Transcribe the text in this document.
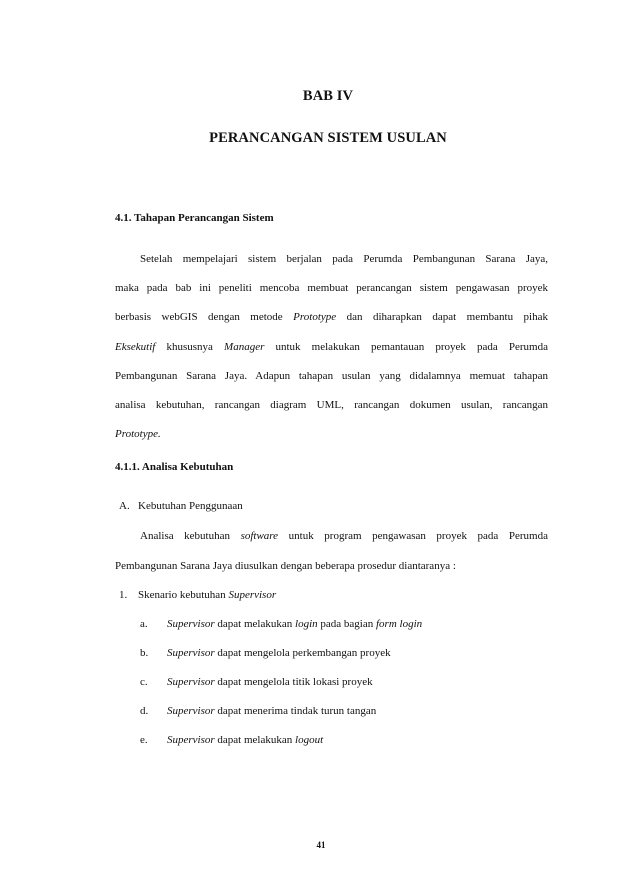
BAB IV
PERANCANGAN SISTEM USULAN
4.1. Tahapan Perancangan Sistem
Setelah mempelajari sistem berjalan pada Perumda Pembangunan Sarana Jaya,
maka pada bab ini peneliti mencoba membuat perancangan sistem pengawasan proyek
berbasis webGIS dengan metode Prototype dan diharapkan dapat membantu pihak
Eksekutif khususnya Manager untuk melakukan pemantauan proyek pada Perumda
Pembangunan Sarana Jaya. Adapun tahapan usulan yang didalamnya memuat tahapan
analisa kebutuhan, rancangan diagram UML, rancangan dokumen usulan, rancangan
Prototype.
4.1.1. Analisa Kebutuhan
A. Kebutuhan Penggunaan
Analisa kebutuhan software untuk program pengawasan proyek pada Perumda
Pembangunan Sarana Jaya diusulkan dengan beberapa prosedur diantaranya :
1. Skenario kebutuhan Supervisor
a. Supervisor dapat melakukan login pada bagian form login
b. Supervisor dapat mengelola perkembangan proyek
c. Supervisor dapat mengelola titik lokasi proyek
d. Supervisor dapat menerima tindak turun tangan
e. Supervisor dapat melakukan logout
41
